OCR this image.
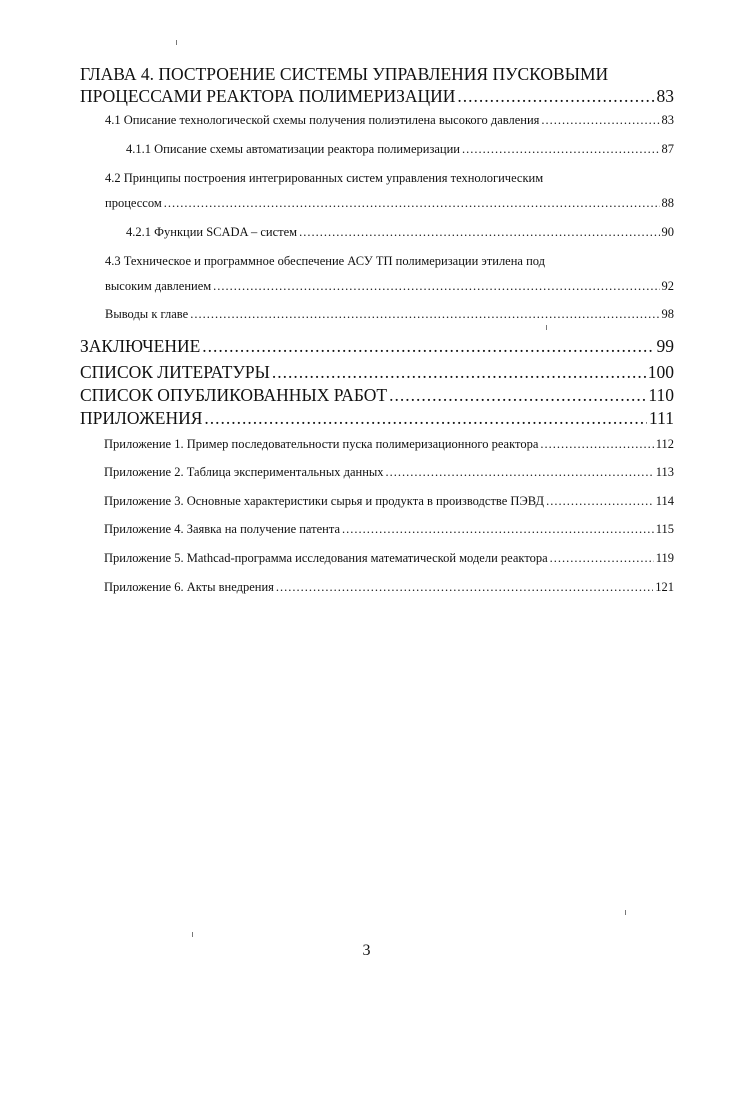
ГЛАВА 4. ПОСТРОЕНИЕ СИСТЕМЫ УПРАВЛЕНИЯ ПУСКОВЫМИ
ПРОЦЕССАМИ РЕАКТОРА ПОЛИМЕРИЗАЦИИ .....	83
4.1 Описание технологической схемы получения полиэтилена высокого давления .....	83
4.1.1 Описание схемы автоматизации реактора полимеризации .....	87
4.2 Принципы построения интегрированных систем управления технологическим
процессом .....	88
4.2.1 Функции SCADA – систем .....	90
4.3 Техническое и программное обеспечение АСУ ТП полимеризации этилена под
высоким давлением .....	92
Выводы к главе .....	98
ЗАКЛЮЧЕНИЕ .....	99
СПИСОК ЛИТЕРАТУРЫ .....	100
СПИСОК ОПУБЛИКОВАННЫХ РАБОТ .....	110
ПРИЛОЖЕНИЯ .....	111
Приложение 1. Пример последовательности пуска полимеризационного реактора .....	112
Приложение 2. Таблица экспериментальных данных .....	113
Приложение 3. Основные характеристики сырья и продукта в производстве ПЭВД .....	114
Приложение 4. Заявка на получение патента .....	115
Приложение 5. Mathcad-программа исследования математической модели реактора .....	119
Приложение 6. Акты внедрения .....	121
3
